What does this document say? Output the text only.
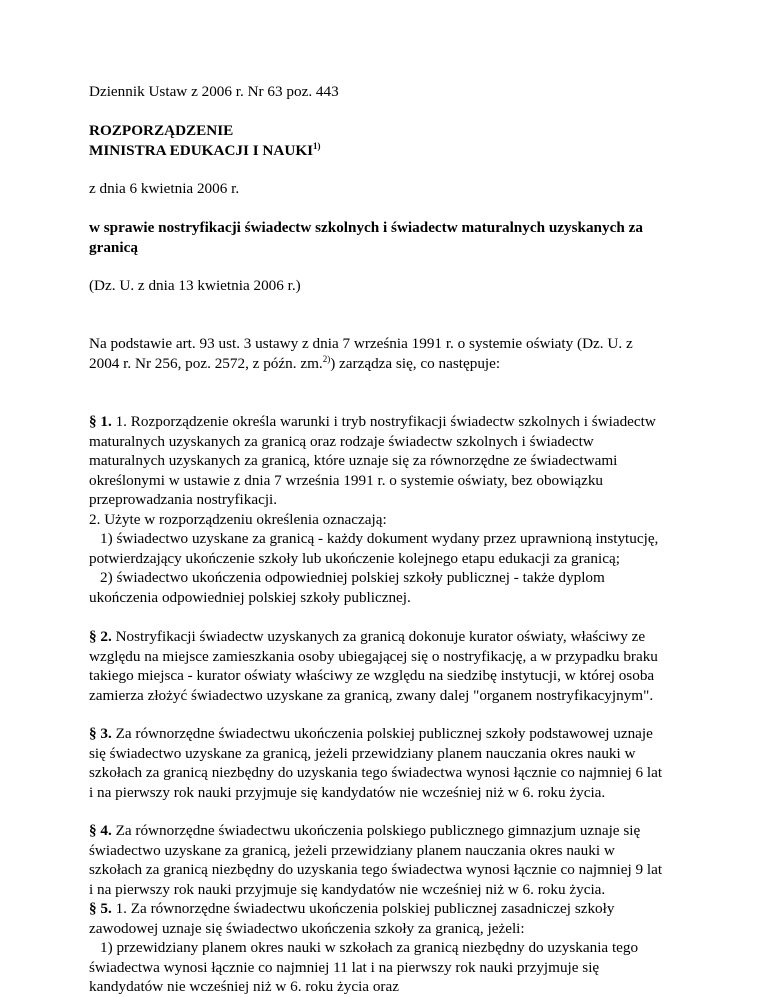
Dziennik Ustaw z 2006 r. Nr 63 poz. 443

ROZPORZĄDZENIE
MINISTRA EDUKACJI I NAUKI$^{1)}$

z dnia 6 kwietnia 2006 r.

w sprawie nostryfikacji świadectw szkolnych i świadectw maturalnych uzyskanych za
granicą

(Dz. U. z dnia 13 kwietnia 2006 r.)

Na podstawie art. 93 ust. 3 ustawy z dnia 7 września 1991 r. o systemie oświaty (Dz. U. z
2004 r. Nr 256, poz. 2572, z późn. zm.$^{2)}$) zarządza się, co następuje:

§ 1. 1. Rozporządzenie określa warunki i tryb nostryfikacji świadectw szkolnych i świadectw
maturalnych uzyskanych za granicą oraz rodzaje świadectw szkolnych i świadectw
maturalnych uzyskanych za granicą, które uznaje się za równorzędne ze świadectwami
określonymi w ustawie z dnia 7 września 1991 r. o systemie oświaty, bez obowiązku
przeprowadzania nostryfikacji.
2. Użyte w rozporządzeniu określenia oznaczają:
1) świadectwo uzyskane za granicą - każdy dokument wydany przez uprawnioną instytucję,
potwierdzający ukończenie szkoły lub ukończenie kolejnego etapu edukacji za granicą;
2) świadectwo ukończenia odpowiedniej polskiej szkoły publicznej - także dyplom
ukończenia odpowiedniej polskiej szkoły publicznej.

§ 2. Nostryfikacji świadectw uzyskanych za granicą dokonuje kurator oświaty, właściwy ze
względu na miejsce zamieszkania osoby ubiegającej się o nostryfikację, a w przypadku braku
takiego miejsca - kurator oświaty właściwy ze względu na siedzibę instytucji, w której osoba
zamierza złożyć świadectwo uzyskane za granicą, zwany dalej "organem nostryfikacyjnym".

§ 3. Za równorzędne świadectwu ukończenia polskiej publicznej szkoły podstawowej uznaje
się świadectwo uzyskane za granicą, jeżeli przewidziany planem nauczania okres nauki w
szkołach za granicą niezbędny do uzyskania tego świadectwa wynosi łącznie co najmniej 6 lat
i na pierwszy rok nauki przyjmuje się kandydatów nie wcześniej niż w 6. roku życia.

§ 4. Za równorzędne świadectwu ukończenia polskiego publicznego gimnazjum uznaje się
świadectwo uzyskane za granicą, jeżeli przewidziany planem nauczania okres nauki w
szkołach za granicą niezbędny do uzyskania tego świadectwa wynosi łącznie co najmniej 9 lat
i na pierwszy rok nauki przyjmuje się kandydatów nie wcześniej niż w 6. roku życia.

§ 5. 1. Za równorzędne świadectwu ukończenia polskiej publicznej zasadniczej szkoły
zawodowej uznaje się świadectwo ukończenia szkoły za granicą, jeżeli:
1) przewidziany planem okres nauki w szkołach za granicą niezbędny do uzyskania tego
świadectwa wynosi łącznie co najmniej 11 lat i na pierwszy rok nauki przyjmuje się
kandydatów nie wcześniej niż w 6. roku życia oraz
